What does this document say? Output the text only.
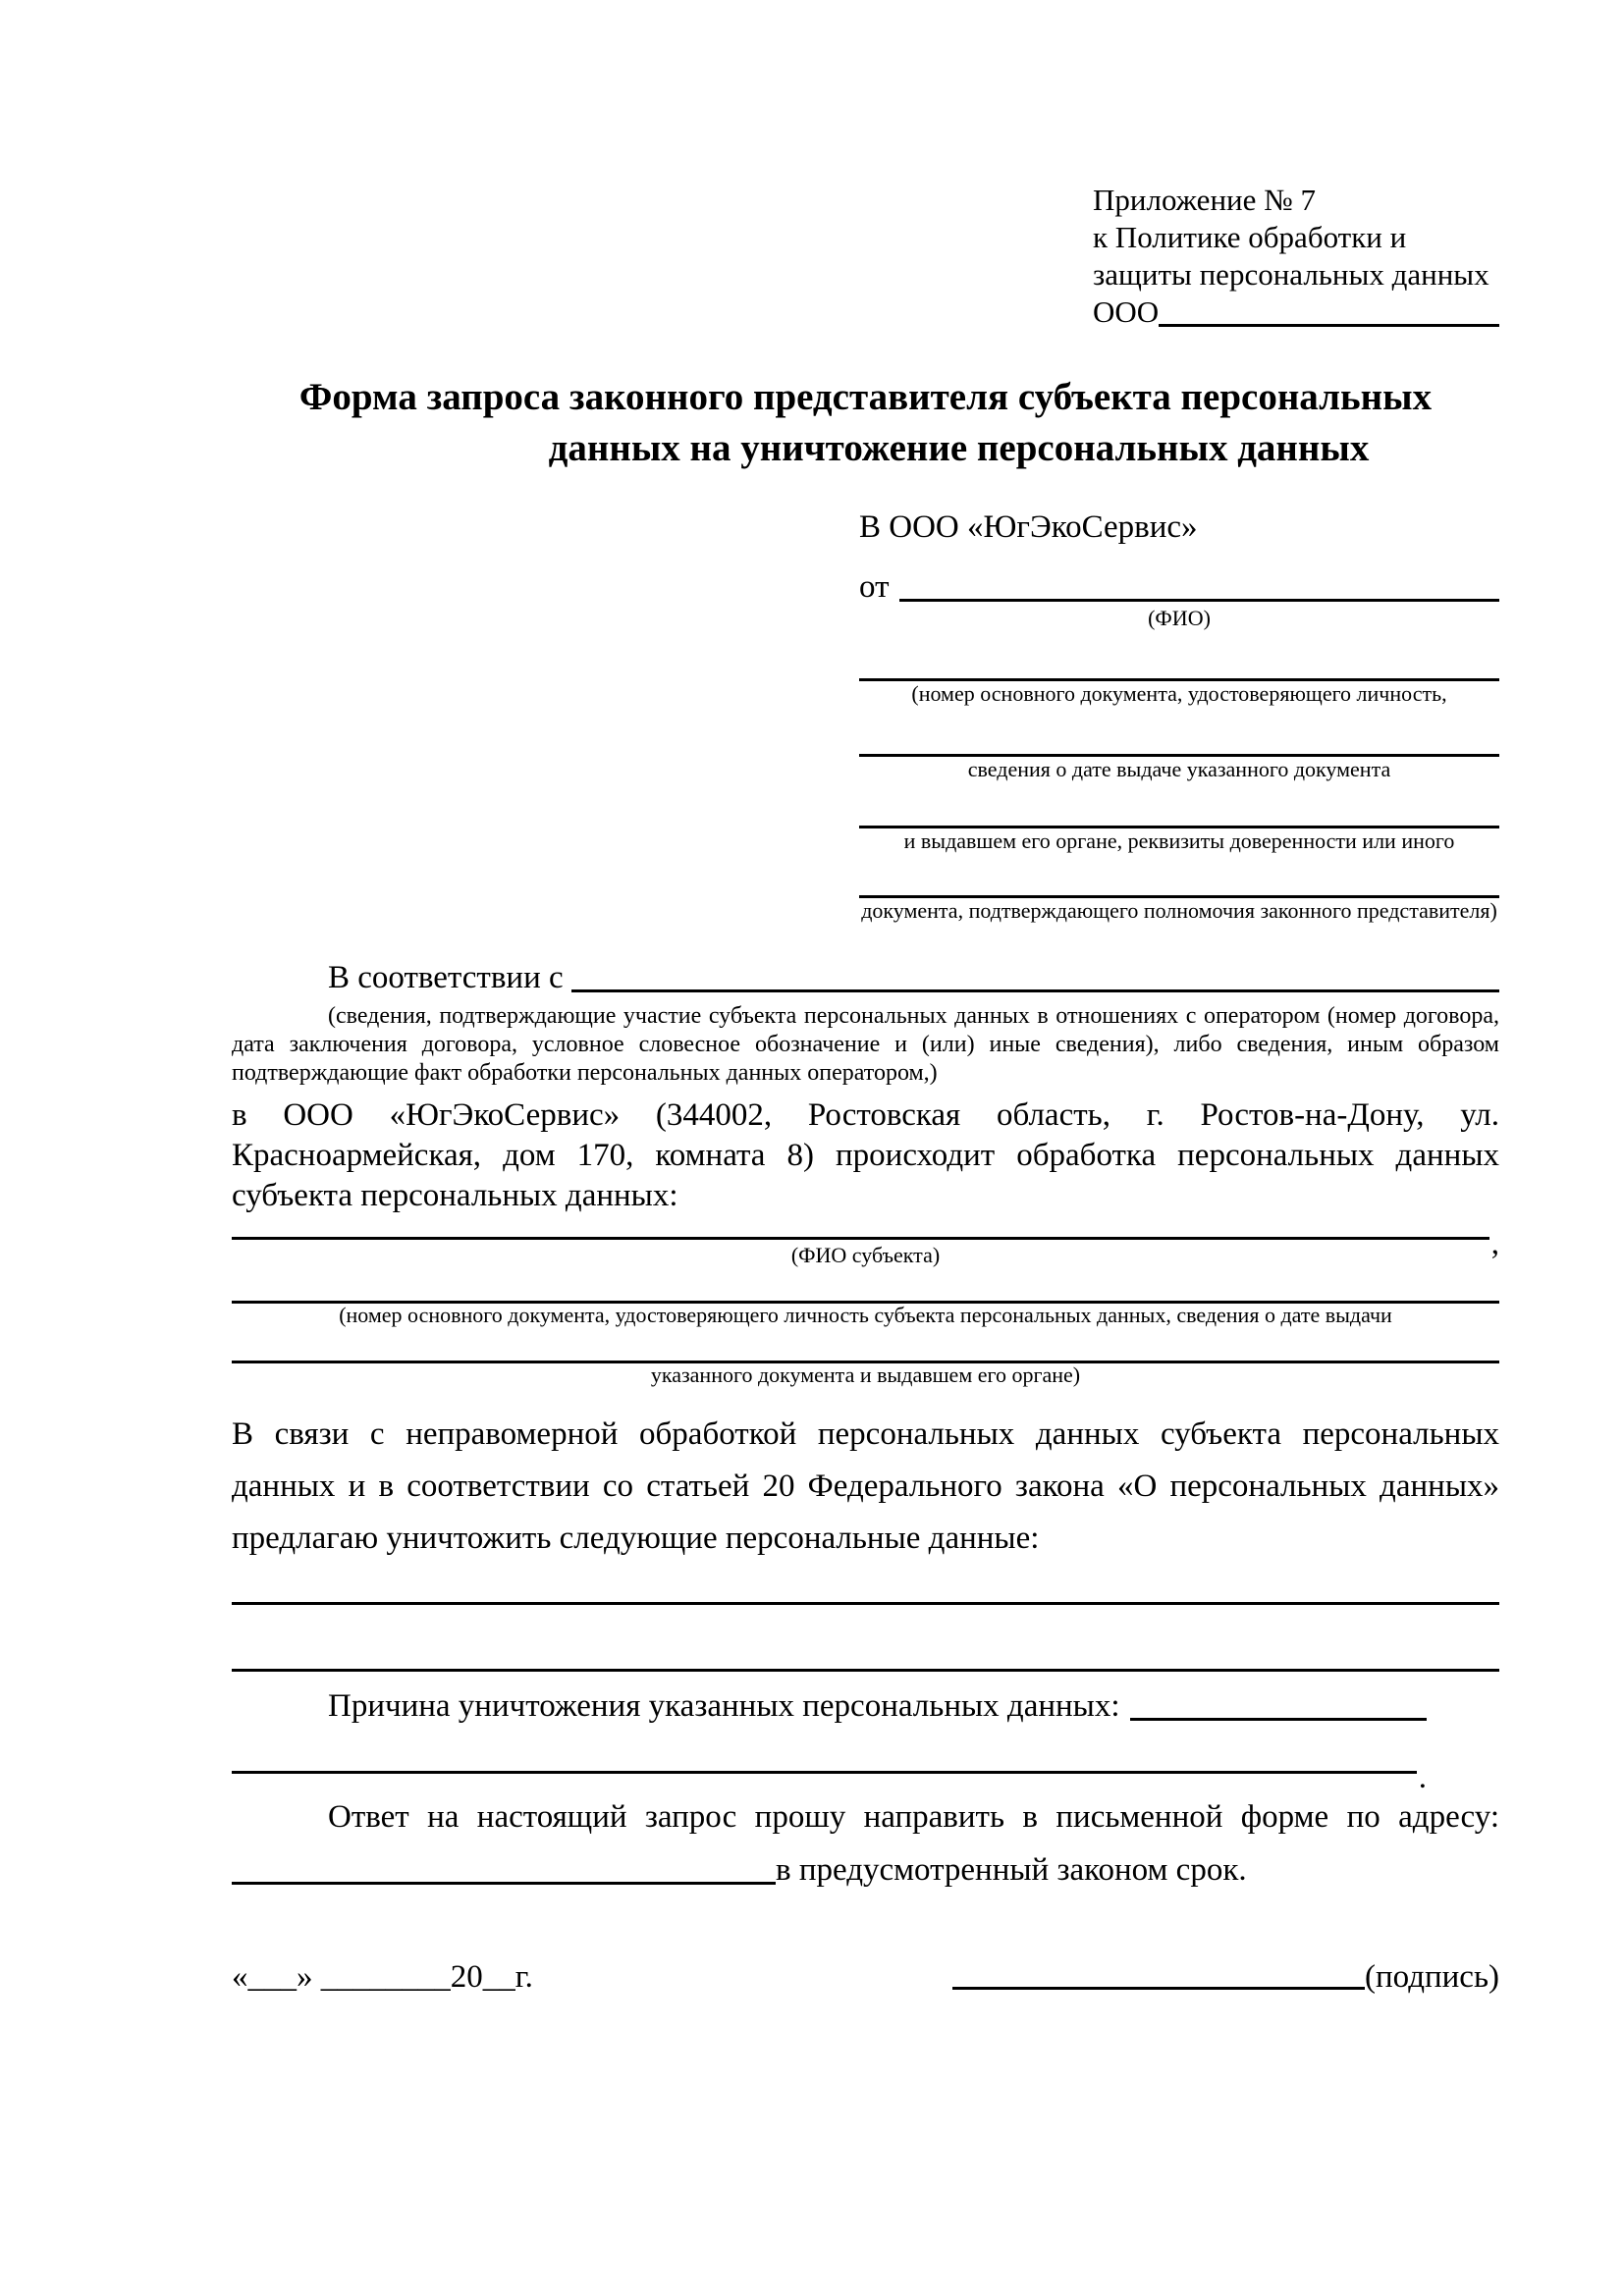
Приложение № 7
к Политике обработки и
защиты персональных данных
ООО
Форма запроса законного представителя субъекта персональных
данных на уничтожение персональных данных
В ООО «ЮгЭкоСервис»
от
(ФИО)
(номер основного документа, удостоверяющего личность,
сведения о дате выдаче указанного документа
и выдавшем его органе, реквизиты доверенности или иного
документа, подтверждающего полномочия законного представителя)
В соответствии с
(сведения, подтверждающие участие субъекта персональных данных в отношениях с оператором (номер договора, дата заключения договора, условное словесное обозначение и (или) иные сведения), либо сведения, иным образом подтверждающие факт обработки персональных данных оператором,)
в ООО «ЮгЭкоСервис» (344002, Ростовская область, г. Ростов-на-Дону, ул. Красноармейская, дом 170, комната 8) происходит обработка персональных данных субъекта персональных данных:
,
(ФИО субъекта)
(номер основного документа, удостоверяющего личность субъекта персональных данных, сведения о дате выдачи
указанного документа и выдавшем его органе)
В связи с неправомерной обработкой персональных данных субъекта персональных данных и в соответствии со статьей 20 Федерального закона «О персональных данных» предлагаю уничтожить следующие персональные данные:
Причина уничтожения указанных персональных данных:
.
Ответ на настоящий запрос прошу направить в письменной форме по адресу:
в предусмотренный законом срок.
«___» ________20__г.	(подпись)
